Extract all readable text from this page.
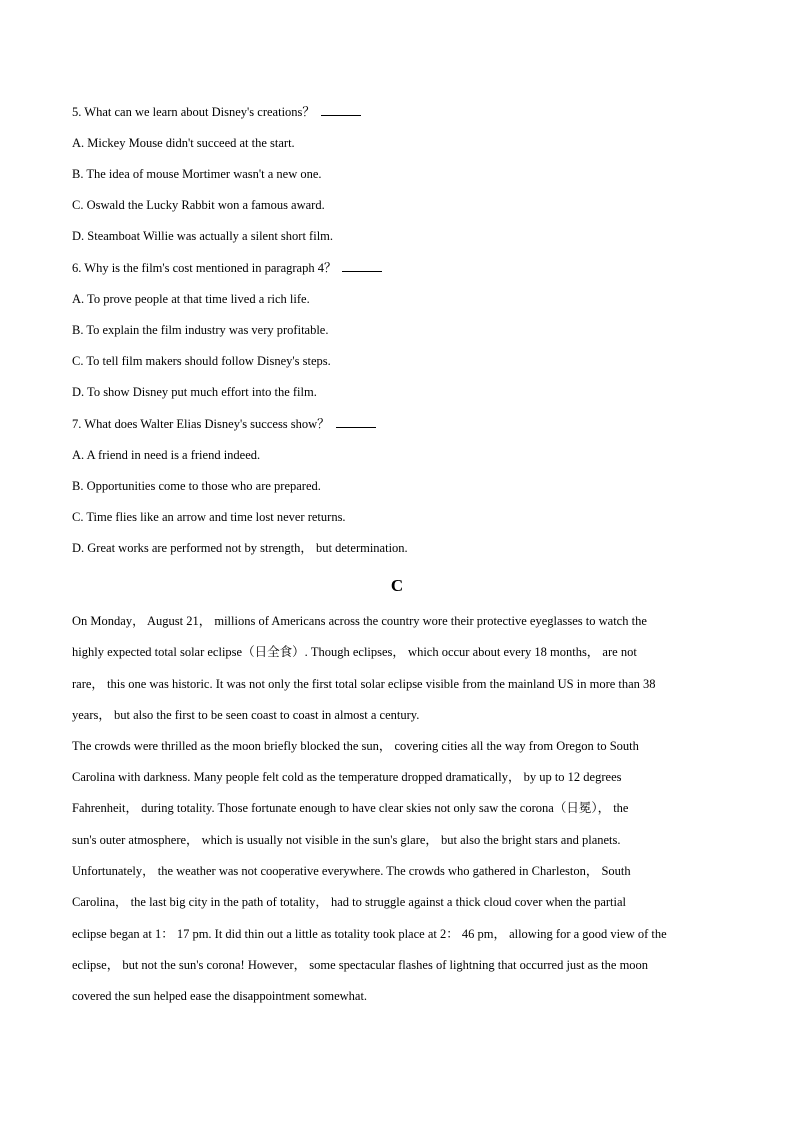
5. What can we learn about Disney's creations？
A. Mickey Mouse didn't succeed at the start.
B. The idea of mouse Mortimer wasn't a new one.
C. Oswald the Lucky Rabbit won a famous award.
D. Steamboat Willie was actually a silent short film.
6. Why is the film's cost mentioned in paragraph 4？
A. To prove people at that time lived a rich life.
B. To explain the film industry was very profitable.
C. To tell film makers should follow Disney's steps.
D. To show Disney put much effort into the film.
7. What does Walter Elias Disney's success show？
A. A friend in need is a friend indeed.
B. Opportunities come to those who are prepared.
C. Time flies like an arrow and time lost never returns.
D. Great works are performed not by strength， but determination.
C
On Monday， August 21， millions of Americans across the country wore their protective eyeglasses to watch the
highly expected total solar eclipse（日全食）. Though eclipses， which occur about every 18 months， are not
rare， this one was historic. It was not only the first total solar eclipse visible from the mainland US in more than 38
years， but also the first to be seen coast to coast in almost a century.
The crowds were thrilled as the moon briefly blocked the sun， covering cities all the way from Oregon to South
Carolina with darkness. Many people felt cold as the temperature dropped dramatically， by up to 12 degrees
Fahrenheit， during totality. Those fortunate enough to have clear skies not only saw the corona（日冕）， the
sun's outer atmosphere， which is usually not visible in the sun's glare， but also the bright stars and planets.
Unfortunately， the weather was not cooperative everywhere. The crowds who gathered in Charleston， South
Carolina， the last big city in the path of totality， had to struggle against a thick cloud cover when the partial
eclipse began at 1： 17 pm. It did thin out a little as totality took place at 2： 46 pm， allowing for a good view of the
eclipse， but not the sun's corona! However， some spectacular flashes of lightning that occurred just as the moon
covered the sun helped ease the disappointment somewhat.
